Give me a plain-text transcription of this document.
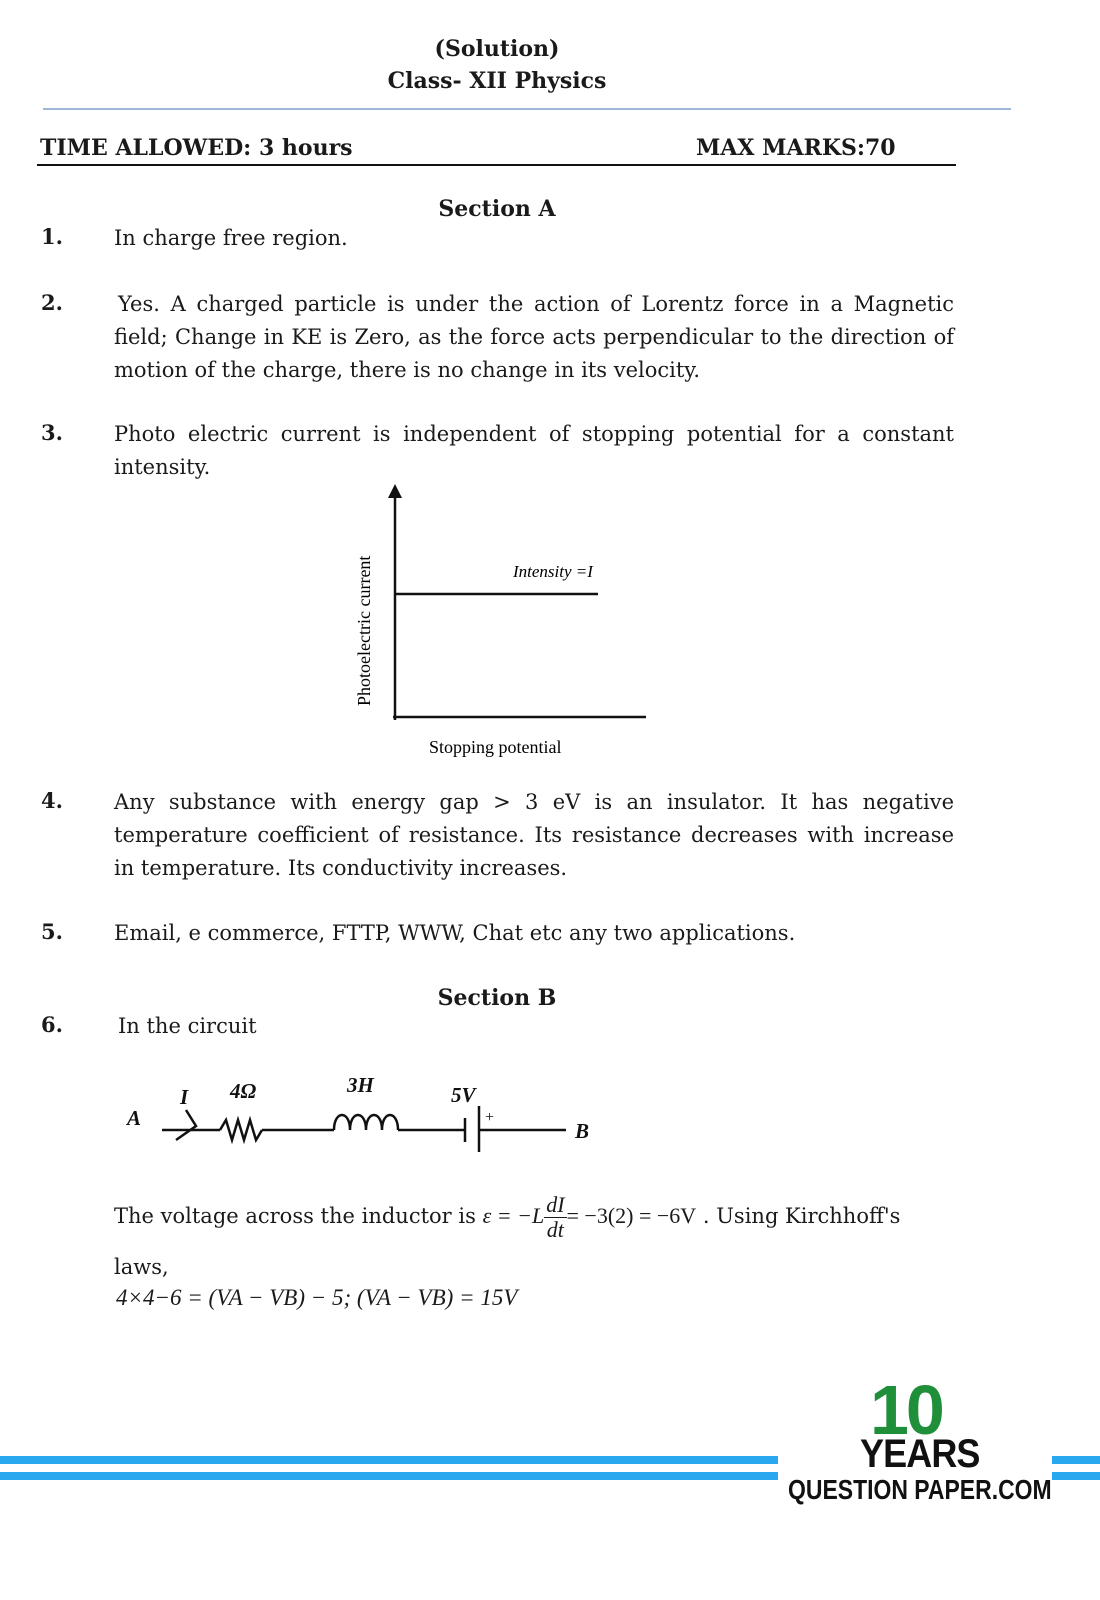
(Solution)
Class- XII Physics
TIME ALLOWED: 3 hours	MAX MARKS:70
Section A
1. In charge free region.
2.	Yes. A charged particle is under the action of Lorentz force in a Magnetic field; Change in KE is Zero, as the force acts perpendicular to the direction of motion of the charge, there is no change in its velocity.
3. Photo electric current is independent of stopping potential for a constant intensity.
Intensity =I
Photoelectric current
Stopping potential
4. Any substance with energy gap > 3 eV is an insulator. It has negative temperature coefficient of resistance. Its resistance decreases with increase in temperature. Its conductivity increases.
5. Email, e commerce, FTTP, WWW, Chat etc any two applications.
Section B
6.	In the circuit
A
I 4Ω	3H	5V
B
+
The voltage across the inductor is $\varepsilon = -L \frac{dI}{dt} = -3(2) = -6V$ . Using Kirchhoff's
laws,
4×4−6 = (VA − VB) − 5; (VA − VB) = 15V
10
YEARS
QUESTION PAPER.COM
